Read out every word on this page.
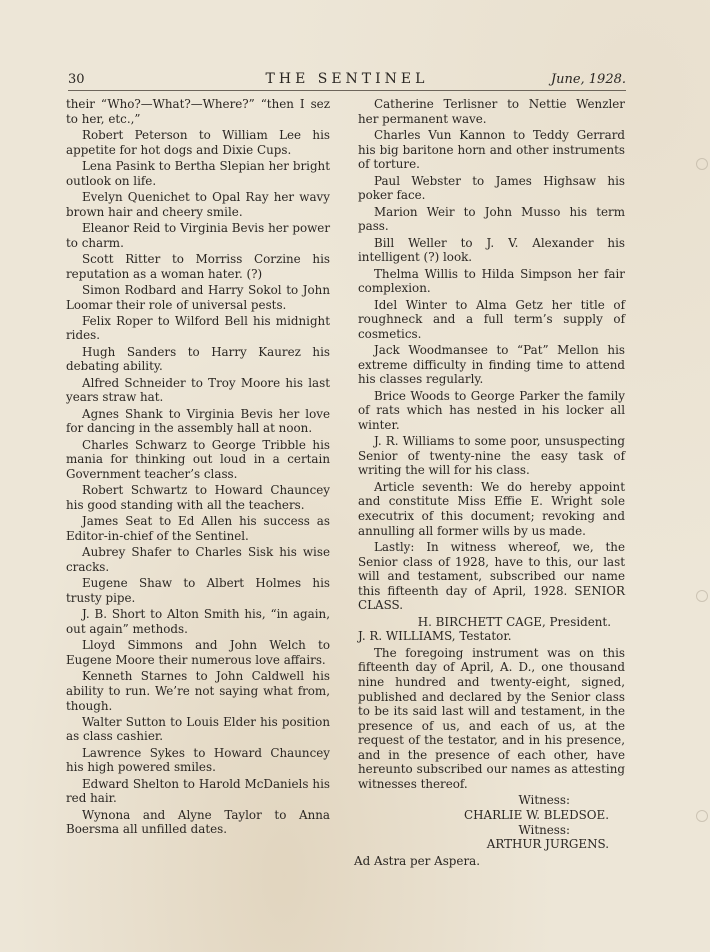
30	THE SENTINEL	June, 1928.

their “Who?—What?—Where?” “then I sez to her, etc.,”

Robert Peterson to William Lee his appetite for hot dogs and Dixie Cups.

Lena Pasink to Bertha Slepian her bright outlook on life.

Evelyn Quenichet to Opal Ray her wavy brown hair and cheery smile.

Eleanor Reid to Virginia Bevis her power to charm.

Scott Ritter to Morriss Corzine his reputation as a woman hater. (?)

Simon Rodbard and Harry Sokol to John Loomar their role of universal pests.

Felix Roper to Wilford Bell his midnight rides.

Hugh Sanders to Harry Kaurez his debating ability.

Alfred Schneider to Troy Moore his last years straw hat.

Agnes Shank to Virginia Bevis her love for dancing in the assembly hall at noon.

Charles Schwarz to George Tribble his mania for thinking out loud in a certain Government teacher’s class.

Robert Schwartz to Howard Chauncey his good standing with all the teachers.

James Seat to Ed Allen his success as Editor-in-chief of the Sentinel.

Aubrey Shafer to Charles Sisk his wise cracks.

Eugene Shaw to Albert Holmes his trusty pipe.

J. B. Short to Alton Smith his, “in again, out again” methods.

Lloyd Simmons and John Welch to Eugene Moore their numerous love affairs.

Kenneth Starnes to John Caldwell his ability to run. We’re not saying what from, though.

Walter Sutton to Louis Elder his position as class cashier.

Lawrence Sykes to Howard Chauncey his high powered smiles.

Edward Shelton to Harold McDaniels his red hair.

Wynona and Alyne Taylor to Anna Boersma all unfilled dates.

Catherine Terlisner to Nettie Wenzler her permanent wave.

Charles Vun Kannon to Teddy Gerrard his big baritone horn and other instruments of torture.

Paul Webster to James Highsaw his poker face.

Marion Weir to John Musso his term pass.

Bill Weller to J. V. Alexander his intelligent (?) look.

Thelma Willis to Hilda Simpson her fair complexion.

Idel Winter to Alma Getz her title of roughneck and a full term’s supply of cosmetics.

Jack Woodmansee to “Pat” Mellon his extreme difficulty in finding time to attend his classes regularly.

Brice Woods to George Parker the family of rats which has nested in his locker all winter.

J. R. Williams to some poor, unsuspecting Senior of twenty-nine the easy task of writing the will for his class.

Article seventh: We do hereby appoint and constitute Miss Effie E. Wright sole executrix of this document; revoking and annulling all former wills by us made.

Lastly: In witness whereof, we, the Senior class of 1928, have to this, our last will and testament, subscribed our name this fifteenth day of April, 1928. SENIOR CLASS.

H. BIRCHETT CAGE, President.

J. R. WILLIAMS, Testator.

The foregoing instrument was on this fifteenth day of April, A. D., one thousand nine hundred and twenty-eight, signed, published and declared by the Senior class to be its said last will and testament, in the presence of us, and each of us, at the request of the testator, and in his presence, and in the presence of each other, have hereunto subscribed our names as attesting witnesses thereof.

Witness:

CHARLIE W. BLEDSOE.

Witness:

ARTHUR JURGENS.

Ad Astra per Aspera.
